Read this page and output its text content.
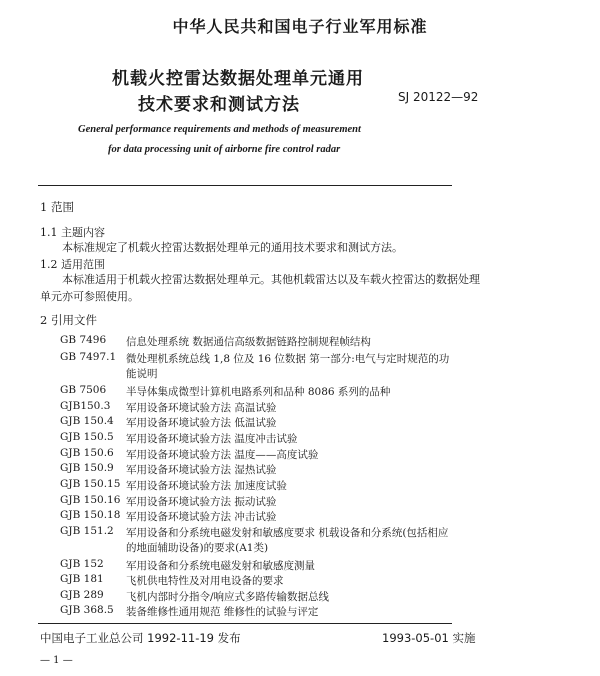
中华人民共和国电子行业军用标准
机载火控雷达数据处理单元通用
技术要求和测试方法	SJ 20122—92
General performance requirements and methods of measurement
for data processing unit of airborne fire control radar
1 范围
1.1 主题内容
本标准规定了机载火控雷达数据处理单元的通用技术要求和测试方法。
1.2 适用范围
本标准适用于机载火控雷达数据处理单元。其他机载雷达以及车载火控雷达的数据处理
单元亦可参照使用。
2 引用文件
GB 7496 信息处理系统 数据通信高级数据链路控制规程帧结构
GB 7497.1 微处理机系统总线 1,8 位及 16 位数据 第一部分:电气与定时规范的功
能说明
GB 7506 半导体集成微型计算机电路系列和品种 8086 系列的品种
GJB150.3 军用设备环境试验方法 高温试验
GJB 150.4 军用设备环境试验方法 低温试验
GJB 150.5 军用设备环境试验方法 温度冲击试验
GJB 150.6 军用设备环境试验方法 温度——高度试验
GJB 150.9 军用设备环境试验方法 湿热试验
GJB 150.15 军用设备环境试验方法 加速度试验
GJB 150.16 军用设备环境试验方法 振动试验
GJB 150.18 军用设备环境试验方法 冲击试验
GJB 151.2 军用设备和分系统电磁发射和敏感度要求 机载设备和分系统(包括相应
的地面辅助设备)的要求(A1类)
GJB 152 军用设备和分系统电磁发射和敏感度测量
GJB 181 飞机供电特性及对用电设备的要求
GJB 289 飞机内部时分指令/响应式多路传输数据总线
GJB 368.5 装备维修性通用规范 维修性的试验与评定
中国电子工业总公司 1992-11-19 发布	1993-05-01 实施
— 1 —
